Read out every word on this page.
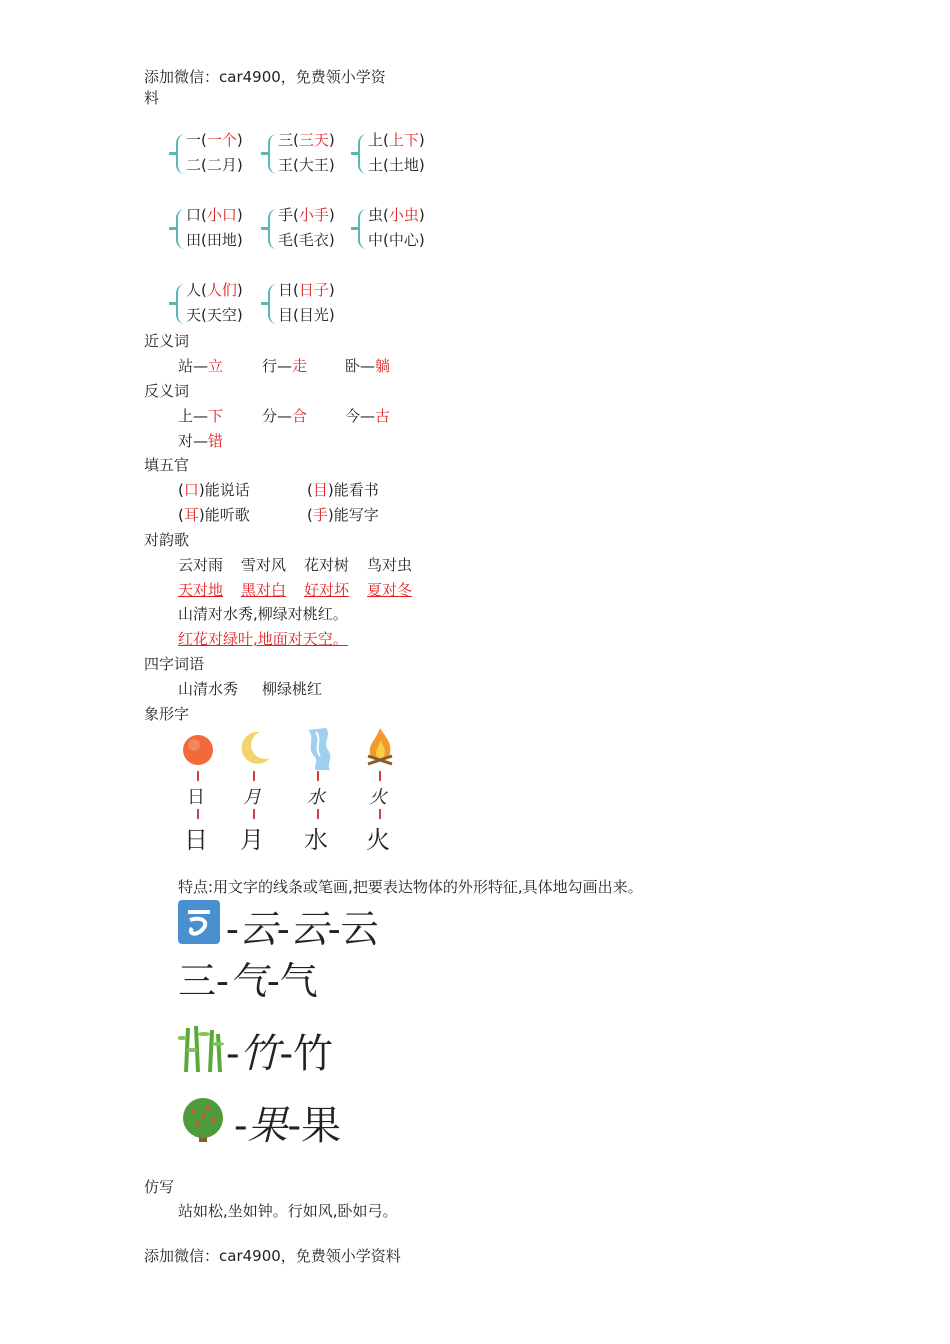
添加微信：car4900，免费领小学资
料
一(一个)
二(二月)
三(三天)
王(大王)
上(上下)
土(土地)
口(小口)
田(田地)
手(小手)
毛(毛衣)
虫(小虫)
中(中心)
人(人们)
天(天空)
日(日子)
目(目光)
近义词
站—立	行—走	卧—躺
反义词
上—下	分—合	今—古
对—错
填五官
(口)能说话	(目)能看书
(耳)能听歌	(手)能写字
对韵歌
云对雨 雪对风 花对树 鸟对虫
天对地 黑对白 好对坏 夏对冬
山清对水秀,柳绿对桃红。
红花对绿叶,地面对天空。
四字词语
山清水秀 柳绿桃红
象形字
日 月	水 火
日 月 水 火
特点:用文字的线条或笔画,把要表达物体的外形特征,具体地勾画出来。
-云-云-云
三-气-气
-竹-竹
-果-果
仿写
站如松,坐如钟。行如风,卧如弓。
添加微信：car4900，免费领小学资料
